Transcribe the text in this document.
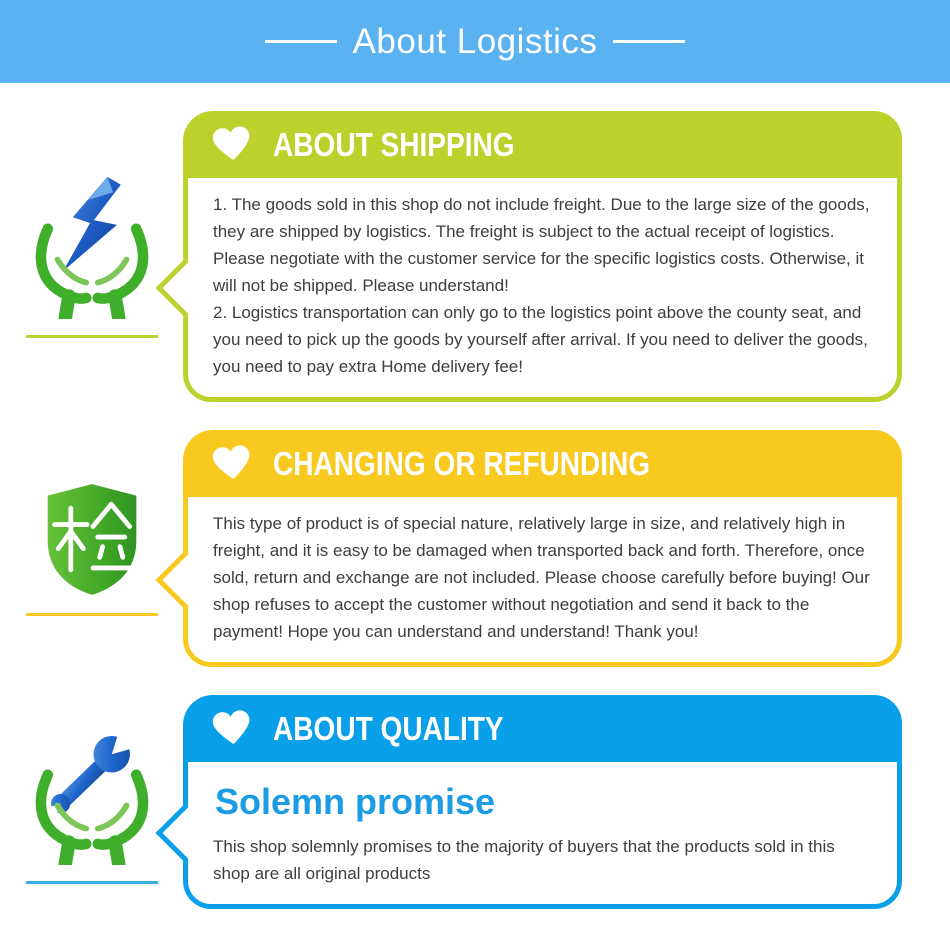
About Logistics
ABOUT SHIPPING

1. The goods sold in this shop do not include freight. Due to the large size of the goods, they are shipped by logistics. The freight is subject to the actual receipt of logistics. Please negotiate with the customer service for the specific logistics costs. Otherwise, it will not be shipped. Please understand!

2. Logistics transportation can only go to the logistics point above the county seat, and you need to pick up the goods by yourself after arrival. If you need to deliver the goods, you need to pay extra Home delivery fee!

CHANGING OR REFUNDING

This type of product is of special nature, relatively large in size, and relatively high in freight, and it is easy to be damaged when transported back and forth. Therefore, once sold, return and exchange are not included. Please choose carefully before buying! Our shop refuses to accept the customer without negotiation and send it back to the payment! Hope you can understand and understand! Thank you!

ABOUT QUALITY
Solemn promise

This shop solemnly promises to the majority of buyers that the products sold in this shop are all original products
